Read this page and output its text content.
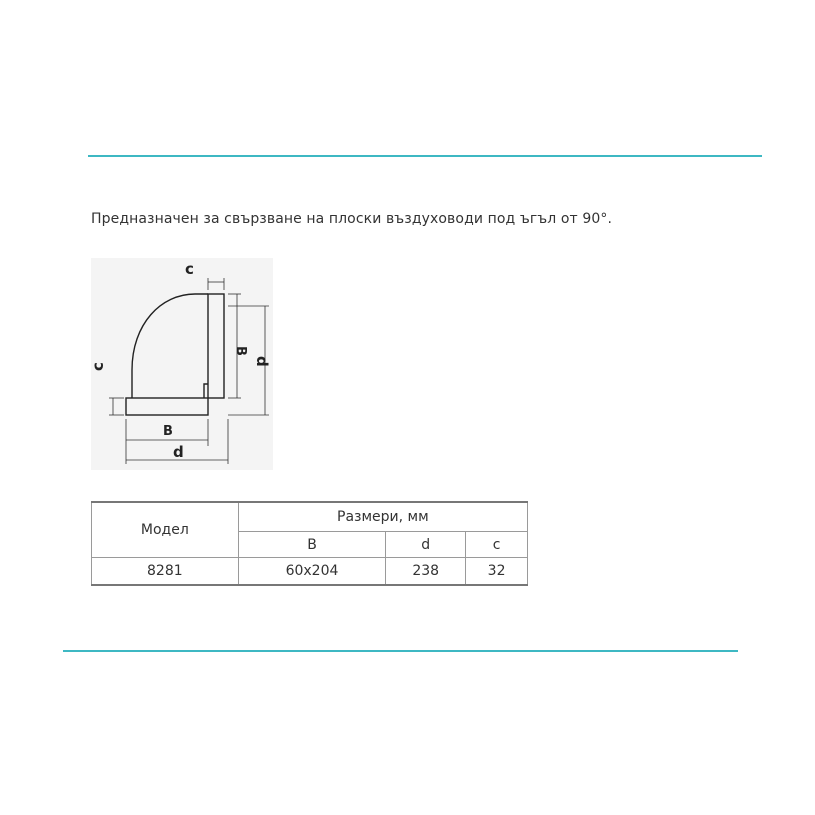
Предназначен за свързване на плоски въздуховоди под ъгъл от 90°.
c
c
B
d
B
d
Модел	Размери, мм		
	B	d	c
8281	60x204	238	32
